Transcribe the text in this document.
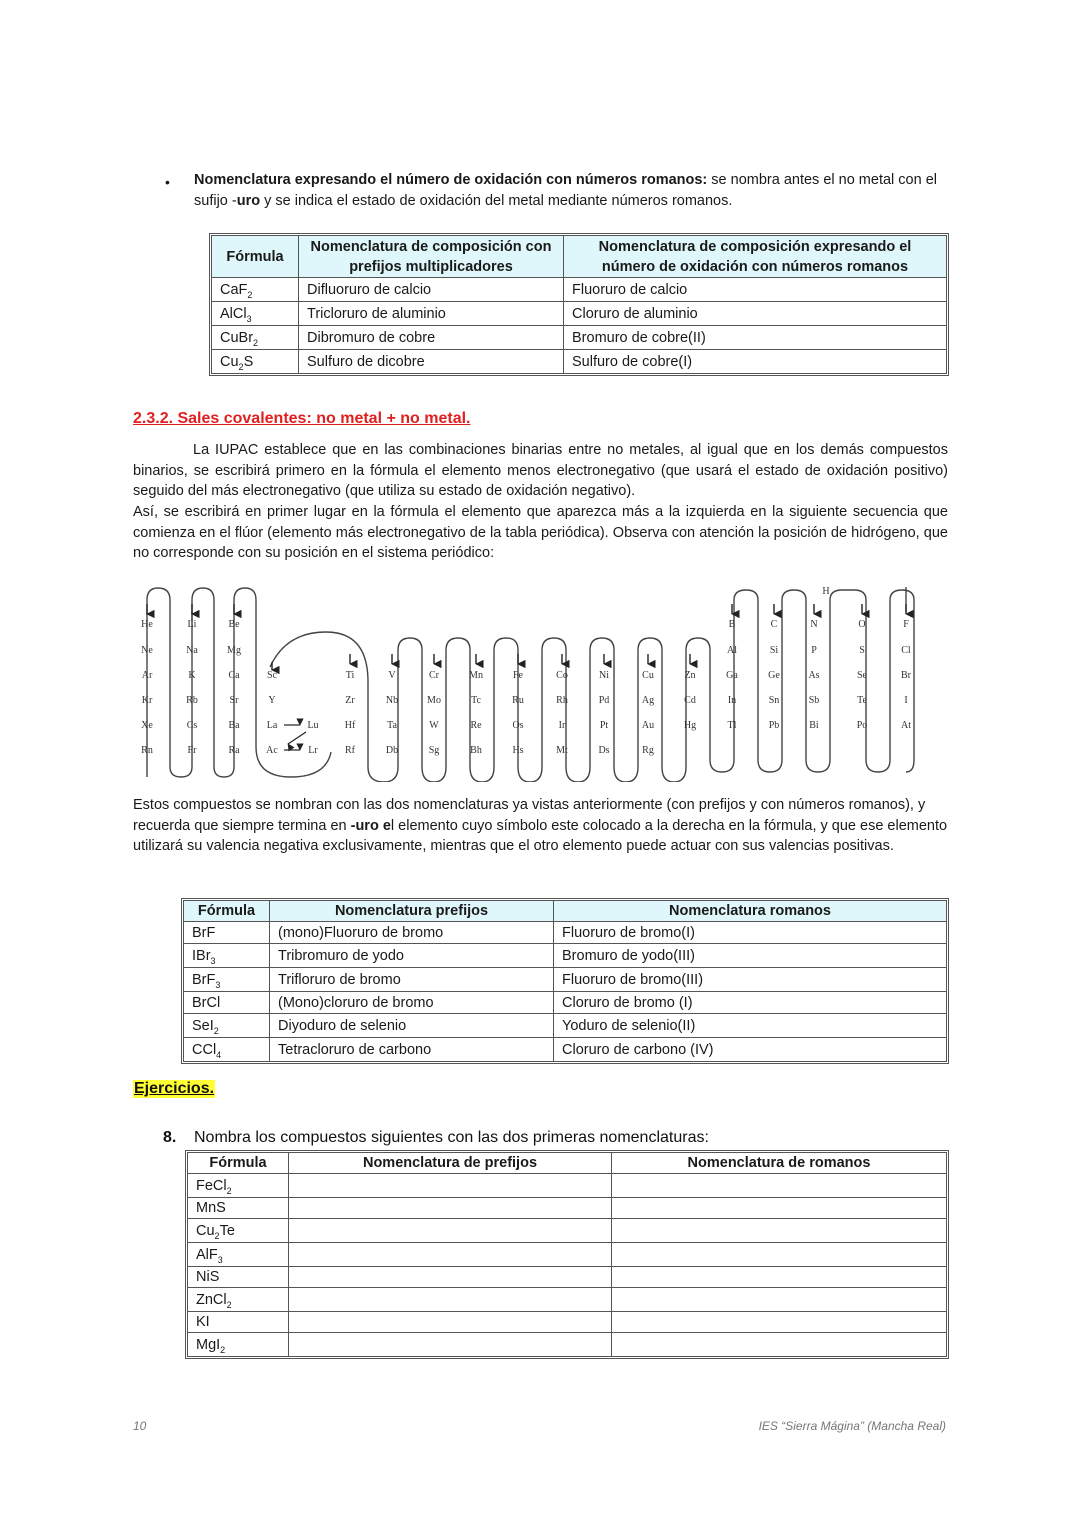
• Nomenclatura expresando el número de oxidación con números romanos: se nombra antes el no metal con el sufijo -uro y se indica el estado de oxidación del metal mediante números romanos.
Fórmula	Nomenclatura de composición con prefijos multiplicadores	Nomenclatura de composición expresando el número de oxidación con números romanos
CaF$_2$	Difluoruro de calcio	Fluoruro de calcio
AlCl$_3$	Tricloruro de aluminio	Cloruro de aluminio
CuBr$_2$	Dibromuro de cobre	Bromuro de cobre(II)
$Cu_2S$	Sulfuro de dicobre	Sulfuro de cobre(I)
2.3.2. Sales covalentes: no metal + no metal.
La IUPAC establece que en las combinaciones binarias entre no metales, al igual que en los demás compuestos binarios, se escribirá primero en la fórmula el elemento menos electronegativo (que usará el estado de oxidación positivo) seguido del más electronegativo (que utiliza su estado de oxidación negativo).
Así, se escribirá en primer lugar en la fórmula el elemento que aparezca más a la izquierda en la siguiente secuencia que comienza en el flúor (elemento más electronegativo de la tabla periódica). Observa con atención la posición de hidrógeno, que no corresponde con su posición en el sistema periódico:
He
Ne
Ar
Kr
Xe
Rn
Li
Na
K
Rb
Cs
Fr
Be
Mg
Ca
Sr
Ba
Ra
Sc
Y
La
Ac
Lu
Lr
Ti
Zr
Hf
Rf
V
Nb
Ta
Db
Cr
Mo
W
Sg
Mn
Tc
Re
Bh
Fe
Ru
Os
Hs
Co
Rh
Ir
Mt
Ni
Pd
Pt
Ds
Cu
Ag
Au
Rg
Zn
Cd
Hg
B
Al
Ga
In
Tl
C
Si
Ge
Sn
Pb
N
P
As
Sb
Bi
O
S
Se
Te
Po
F
Cl
Br
I
At
H
Estos compuestos se nombran con las dos nomenclaturas ya vistas anteriormente (con prefijos y con números romanos), y recuerda que siempre termina en -uro el elemento cuyo símbolo este colocado a la derecha en la fórmula, y que ese elemento utilizará su valencia negativa exclusivamente, mientras que el otro elemento puede actuar con sus valencias positivas.
Fórmula	Nomenclatura prefijos	Nomenclatura romanos
BrF	(mono)Fluoruro de bromo	Fluoruro de bromo(I)
IBr$_3$	Tribromuro de yodo	Bromuro de yodo(III)
BrF$_3$	Trifloruro de bromo	Fluoruro de bromo(III)
BrCl	(Mono)cloruro de bromo	Cloruro de bromo (I)
SeI$_2$	Diyoduro de selenio	Yoduro de selenio(II)
CCl$_4$	Tetracloruro de carbono	Cloruro de carbono (IV)
Ejercicios.
8. Nombra los compuestos siguientes con las dos primeras nomenclaturas:
Fórmula	Nomenclatura de prefijos	Nomenclatura de romanos
FeCl$_2$		
MnS		
$Cu_2Te$		
AlF$_3$		
NiS		
ZnCl$_2$		
KI		
MgI$_2$		
10	IES “Sierra Mágina” (Mancha Real)
